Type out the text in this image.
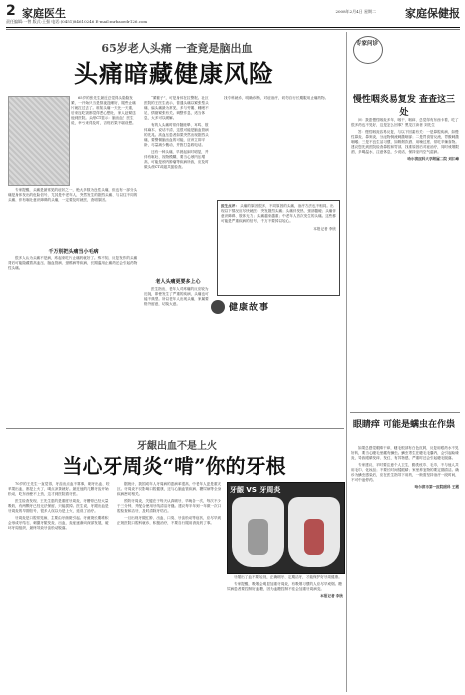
2 家庭医生
责任编辑:一曾 版式:王强 电话:(0451)84610246 E-mail:mrbaoedr126.com
2008年2月4日 星期二	家庭保健报
65岁老人头痛 一查竟是脑出血
头痛暗藏健康风险

65岁的张先生最近总觉得头隐隐发紧，一开始只当是熬夜没睡好，服些止痛片就扛过去了。谁知头痛一天比一天重，后来连吃饭都觉得恶心想吐，家人赶紧送他到医院。头颅CT显示：脑出血！医生说，幸亏来得及时，否则后果不堪设想。

专家提醒，头痛是最常见的症状之一，绝大多数为良性头痛，但也有一部分头痛是身体发出的危险信号，尤其是中老年人，突然发生的剧烈头痛、与以往不同的头痛、伴有呕吐意识障碍的头痛，一定要及时就医，查明原因。

千万别把头痛当小毛病

很多人认为头痛不是病，疼起来吃片止痛药就好了。殊不知，反复发作的头痛背后可能隐藏着高血压、脑血管病、颈椎病等疾病，长期滥用止痛药还会引起药物性头痛。

“紧箍子”，可是身体在拉警报。社区医院的王医生表示，普通头痛以紧张型头痛、偏头痛最为常见，多与劳累、睡眠不足、情绪紧张有关。调整作息，适当休息，大多可以缓解。

有的人头痛时常伴随眩晕、耳鸣、肢体麻木、说话不清，这很可能是脑血管病的先兆。高血压患者如果突然出现剧烈头痛，要警惕脑出血的可能，应该立即平卧，尽量减少搬动，并拨打急救电话。

还有一种头痛，早晨起床时明显，并伴有呕吐、视物模糊，要当心颅内压增高，可能是颅内肿瘤等疾病所致，应及时做头颅CT或磁共振检查。

老人头痛更要多上心

医生指出，老年人对疼痛的反应较为迟钝，即使发生了严重的疾病，头痛也可能不典型。所以老年人出现头痛，家属要格外留意，切莫大意。

找专科就诊，明确诊断，对症治疗，切勿自行长期服用止痛药物。

医生点评： 头痛的原因很多，不同原因的头痛，治疗方法也不相同。出现以下情况应尽快就医：突发剧烈头痛；头痛伴发热、颈部僵硬；头痛伴意识障碍、肢体无力；头痛越来越重；中老年人首次发生的头痛。这些都可能是严重疾病的信号，千万不要掉以轻心。
本报记者 李欣
健康故事
专家问诊
慢性咽炎易复发 查查这三处

问：我患慢性咽炎多年，咽干、咽痒、总觉得有东西卡着，吃了很多药也不见好，这是怎么回事？黑龙江读者 刘先生

答：慢性咽炎容易反复，与以下因素有关：一是鼻腔疾病，如慢性鼻炎、鼻窦炎，分泌物倒流刺激咽部；二是胃食管反流，胃酸刺激咽喉；三是不良生活习惯，如吸烟饮酒、用嗓过度、常吃辛辣食物。建议您先到医院检查鼻腔和胃部，找准原因后对症治疗，同时戒烟限酒，多喝温水，注意休息，少说话，保持室内空气湿润。

哈尔滨医科大学附属二院 刘江峰
眼睛痒 可能是螨虫在作祟

如果总感觉眼睛干痒，睫毛根部有白色皮屑，反复用眼药水不见好转，要当心睫毛里藏有螨虫。螨虫寄生在睫毛毛囊内，会引起睑缘炎，导致眼睛发痒、发红、有异物感，严重时还会引起睫毛脱落。

专家建议，平时要注意个人卫生，勤洗枕巾、毛巾，不与他人共用毛巾、化妆品；不要长时间揉眼睛；家里养宠物的要定期清洁。确诊为螨虫感染后，应在医生指导下用药，一般需坚持治疗一段时间，不可中途停药。

哈尔滨市第一医院眼科 王霞
牙龈出血不是上火
当心牙周炎“啃”你的牙根

70岁的王先生一直觉得，牙齿出点血不算事，刷牙出血、咬苹果出血，都是上火了，喝点凉茶就好。最近他的几颗牙齿开始松动，吃东西使不上劲，这才到医院看牙医。

医生检查发现，王先生患的是重度牙周炎，牙槽骨已经大量吸收，有两颗牙已经无法保留，只能拔掉。医生说，牙龈出血是牙周炎的早期信号，很多人误以为是上火，延误了治疗。

牙周炎是口腔常见病，主要由牙菌斑引起。牙菌斑长期堆积会形成牙结石，刺激牙龈发炎、出血，炎症逐渐向深部发展，破坏牙周组织，最终导致牙齿松动脱落。

据统计，我国成年人牙周病的患病率很高，中老年人更是重灾区。牙周炎不仅影响口腔健康，还与心脑血管疾病、糖尿病等全身疾病密切相关。

预防牙周炎，关键在于每天认真刷牙，早晚各一次，每次不少于三分钟，并配合使用牙线清洁牙缝。建议每半年到一年做一次口腔检查和洁牙，及时清除牙结石。

一旦出现牙龈红肿、出血、口臭、牙齿松动等症状，应尽早到正规医院口腔科就诊，积极治疗，不要自行服用消炎药了事。

牙龈 VS 牙周炎

牙龈出了血不要轻视，正确刷牙、定期洁牙，才能保护好牙周健康。

专家提醒，吸烟会明显加重牙周炎，有吸烟习惯的人应尽早戒烟。糖尿病患者要控制好血糖，因为血糖控制不佳会加重牙周病变。

本报记者 李欣
